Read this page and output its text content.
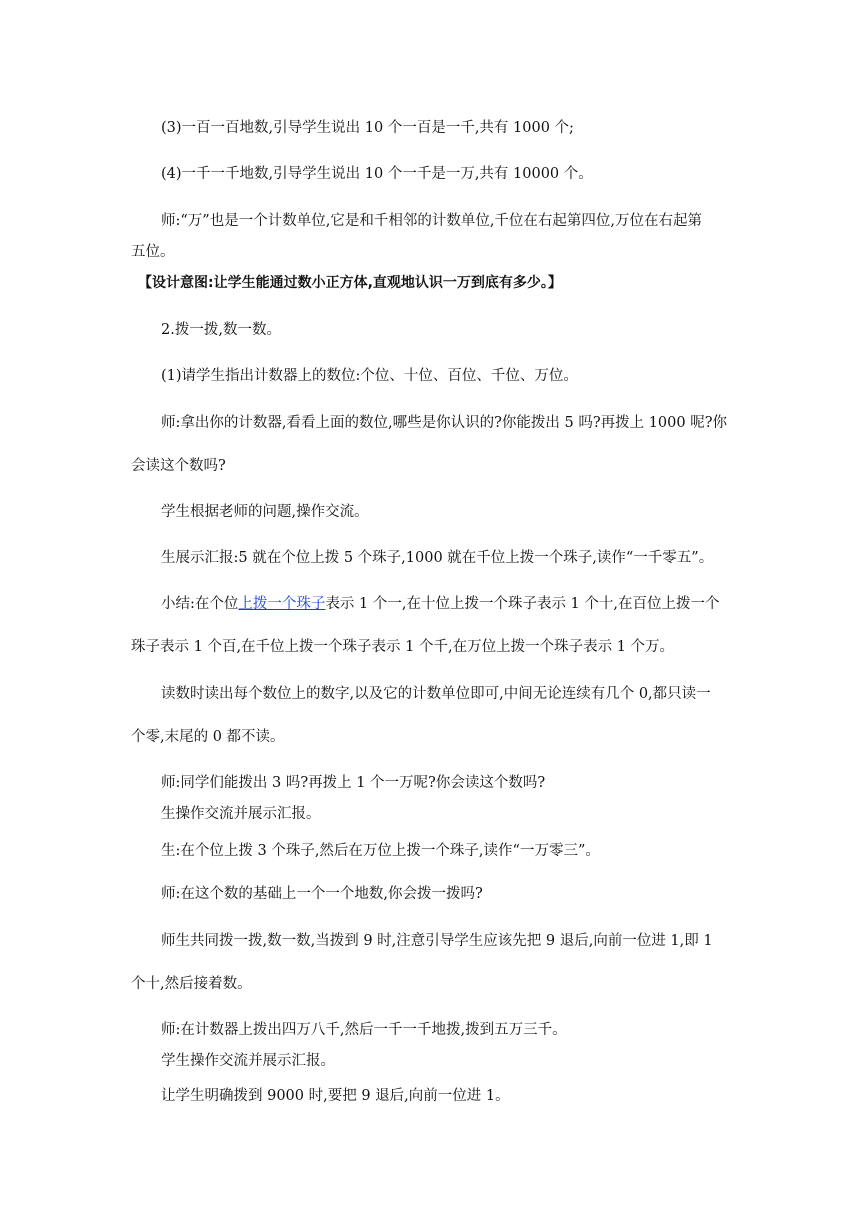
(3)一百一百地数,引导学生说出 10 个一百是一千,共有 1000 个;
(4)一千一千地数,引导学生说出 10 个一千是一万,共有 10000 个。
师:“万”也是一个计数单位,它是和千相邻的计数单位,千位在右起第四位,万位在右起第
五位。
【设计意图:让学生能通过数小正方体,直观地认识一万到底有多少。】
2.拨一拨,数一数。
(1)请学生指出计数器上的数位:个位、十位、百位、千位、万位。
师:拿出你的计数器,看看上面的数位,哪些是你认识的?你能拨出 5 吗?再拨上 1000 呢?你
会读这个数吗?
学生根据老师的问题,操作交流。
生展示汇报:5 就在个位上拨 5 个珠子,1000 就在千位上拨一个珠子,读作“一千零五”。
小结:在个位上拨一个珠子表示 1 个一,在十位上拨一个珠子表示 1 个十,在百位上拨一个
珠子表示 1 个百,在千位上拨一个珠子表示 1 个千,在万位上拨一个珠子表示 1 个万。
读数时读出每个数位上的数字,以及它的计数单位即可,中间无论连续有几个 0,都只读一
个零,末尾的 0 都不读。
师:同学们能拨出 3 吗?再拨上 1 个一万呢?你会读这个数吗?
生操作交流并展示汇报。
生:在个位上拨 3 个珠子,然后在万位上拨一个珠子,读作“一万零三”。
师:在这个数的基础上一个一个地数,你会拨一拨吗?
师生共同拨一拨,数一数,当拨到 9 时,注意引导学生应该先把 9 退后,向前一位进 1,即 1
个十,然后接着数。
师:在计数器上拨出四万八千,然后一千一千地拨,拨到五万三千。
学生操作交流并展示汇报。
让学生明确拨到 9000 时,要把 9 退后,向前一位进 1。
